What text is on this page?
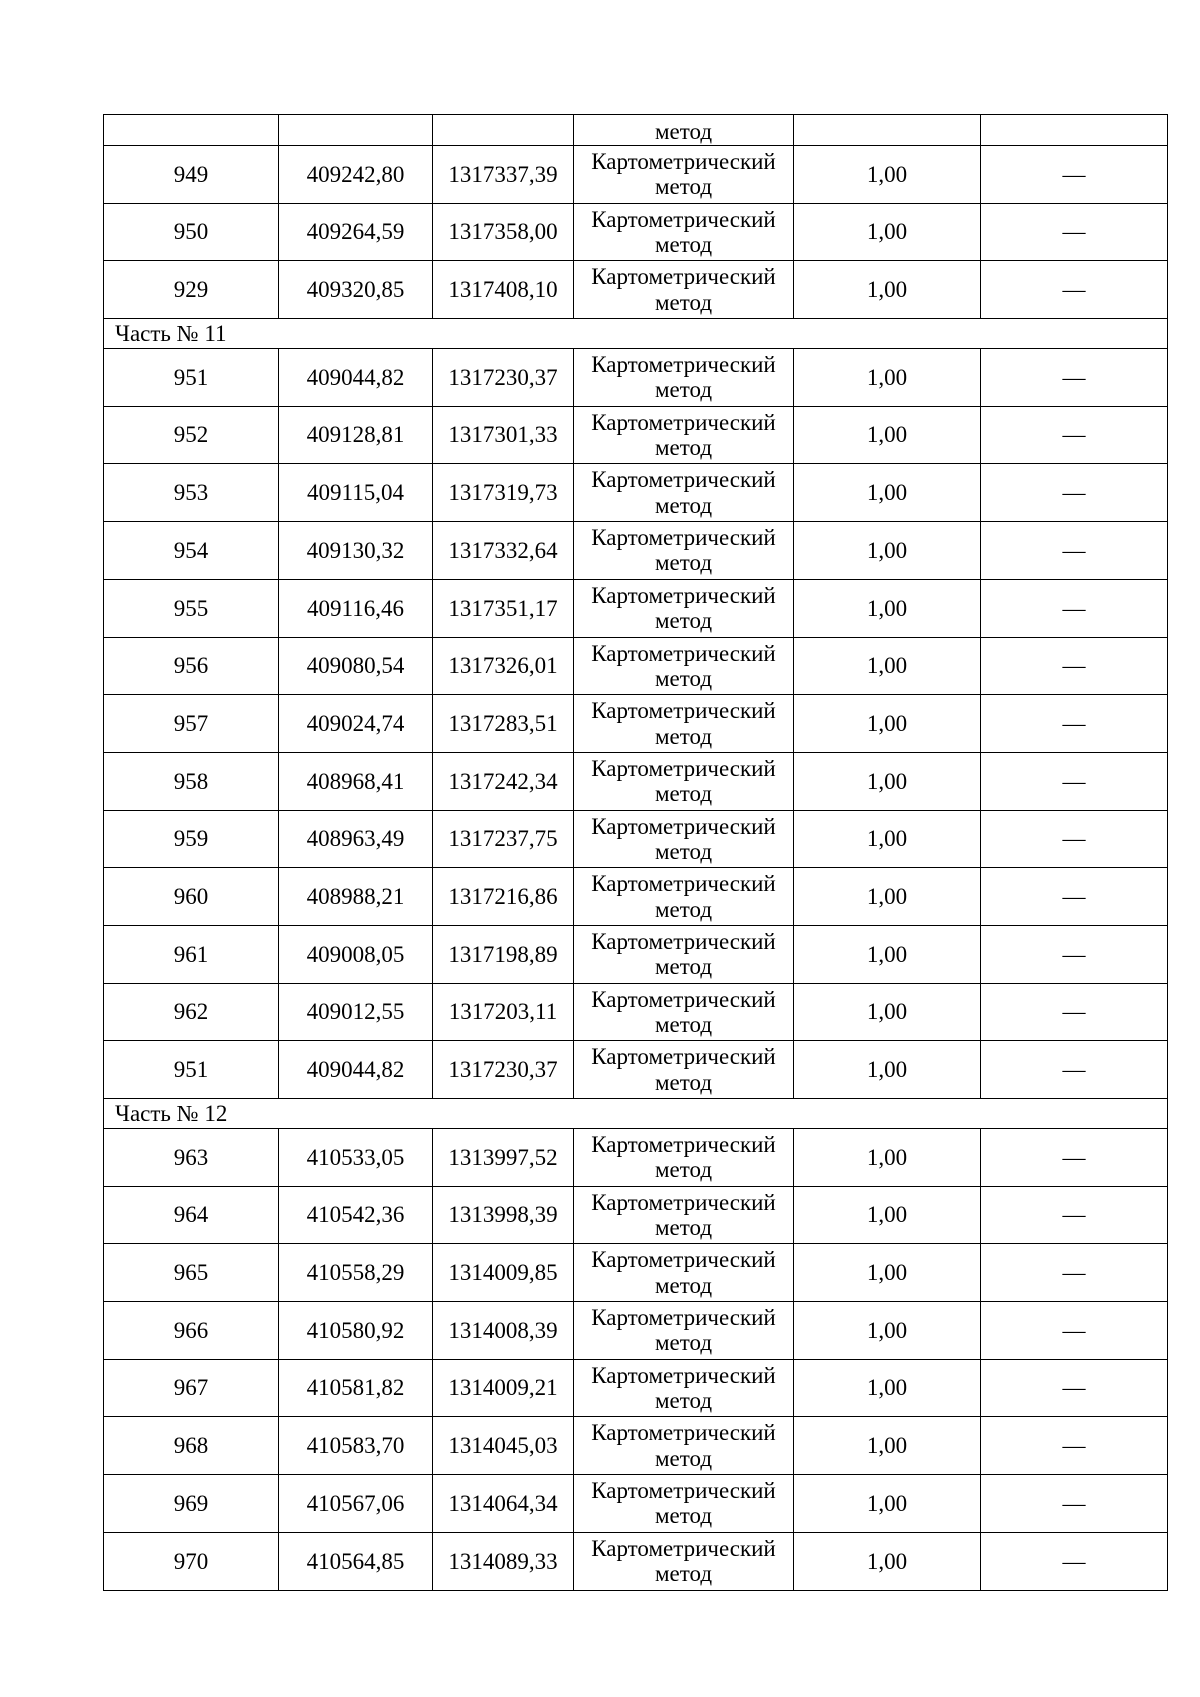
			метод		

949	409242,80	1317337,39	Картометрический
метод	1,00	—
950	409264,59	1317358,00	Картометрический
метод	1,00	—
929	409320,85	1317408,10	Картометрический
метод	1,00	—
Часть № 11					
951	409044,82	1317230,37	Картометрический
метод	1,00	—
952	409128,81	1317301,33	Картометрический
метод	1,00	—
953	409115,04	1317319,73	Картометрический
метод	1,00	—
954	409130,32	1317332,64	Картометрический
метод	1,00	—
955	409116,46	1317351,17	Картометрический
метод	1,00	—
956	409080,54	1317326,01	Картометрический
метод	1,00	—
957	409024,74	1317283,51	Картометрический
метод	1,00	—
958	408968,41	1317242,34	Картометрический
метод	1,00	—
959	408963,49	1317237,75	Картометрический
метод	1,00	—
960	408988,21	1317216,86	Картометрический
метод	1,00	—
961	409008,05	1317198,89	Картометрический
метод	1,00	—
962	409012,55	1317203,11	Картометрический
метод	1,00	—
951	409044,82	1317230,37	Картометрический
метод	1,00	—
Часть № 12					
963	410533,05	1313997,52	Картометрический
метод	1,00	—
964	410542,36	1313998,39	Картометрический
метод	1,00	—
965	410558,29	1314009,85	Картометрический
метод	1,00	—
966	410580,92	1314008,39	Картометрический
метод	1,00	—
967	410581,82	1314009,21	Картометрический
метод	1,00	—
968	410583,70	1314045,03	Картометрический
метод	1,00	—
969	410567,06	1314064,34	Картометрический
метод	1,00	—
970	410564,85	1314089,33	Картометрический
метод	1,00	—
